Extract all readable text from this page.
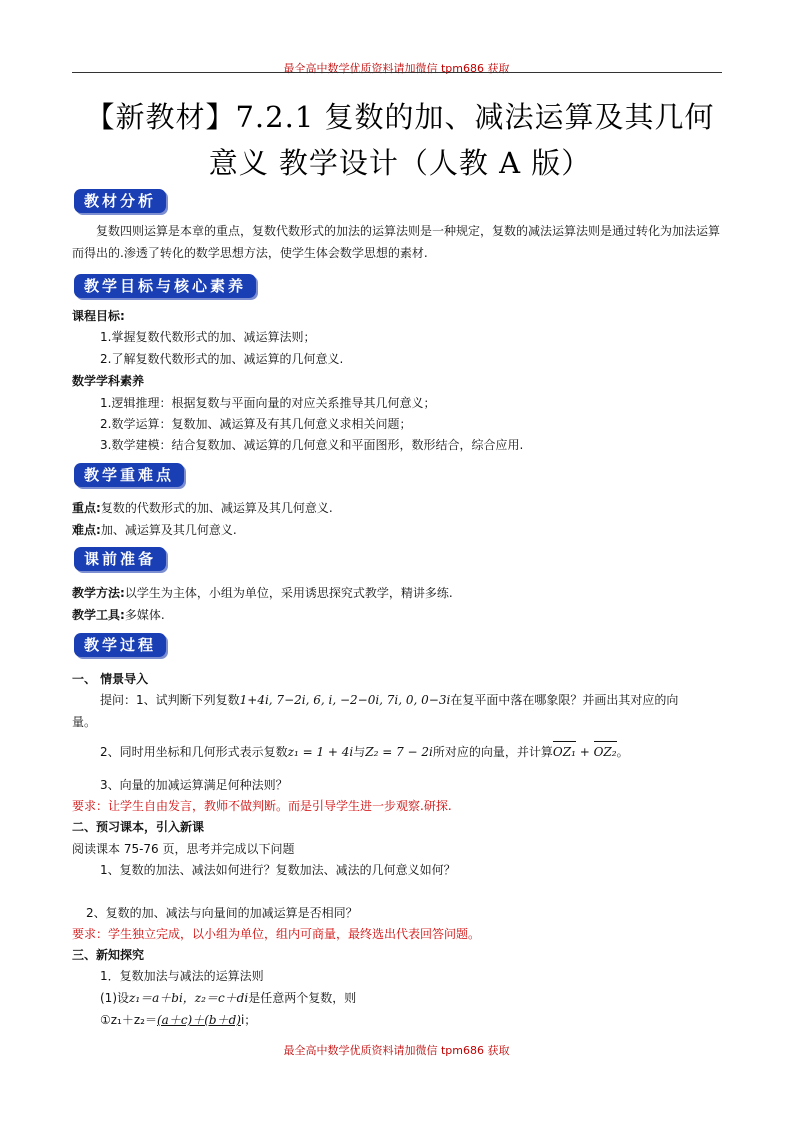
最全高中数学优质资料请加微信 tpm686 获取
【新教材】7.2.1 复数的加、减法运算及其几何
意义 教学设计（人教 A 版）
教材分析
复数四则运算是本章的重点，复数代数形式的加法的运算法则是一种规定，复数的减法运算法则是通过转化为加法运算而得出的.渗透了转化的数学思想方法，使学生体会数学思想的素材.
教学目标与核心素养
课程目标:
1.掌握复数代数形式的加、减运算法则；
2.了解复数代数形式的加、减运算的几何意义.
数学学科素养
1.逻辑推理：根据复数与平面向量的对应关系推导其几何意义；
2.数学运算：复数加、减运算及有其几何意义求相关问题；
3.数学建模：结合复数加、减运算的几何意义和平面图形，数形结合，综合应用.
教学重难点
重点:复数的代数形式的加、减运算及其几何意义.
难点:加、减运算及其几何意义.
课前准备
教学方法:以学生为主体，小组为单位，采用诱思探究式教学，精讲多练.
教学工具:多媒体.
教学过程
一、 情景导入
提问：1、试判断下列复数1+4i, 7−2i, 6, i, −2−0i, 7i, 0, 0−3i在复平面中落在哪象限？并画出其对应的向
量。
2、同时用坐标和几何形式表示复数z₁ = 1 + 4i与Z₂ = 7 − 2i所对应的向量，并计算OZ₁ + OZ₂。
3、向量的加减运算满足何种法则？
要求：让学生自由发言，教师不做判断。而是引导学生进一步观察.研探.
二、预习课本，引入新课
阅读课本 75-76 页，思考并完成以下问题
1、复数的加法、减法如何进行？复数加法、减法的几何意义如何？
2、复数的加、减法与向量间的加减运算是否相同？
要求：学生独立完成，以小组为单位，组内可商量，最终选出代表回答问题。
三、新知探究
1．复数加法与减法的运算法则
(1)设z₁＝a＋bi，z₂＝c＋di是任意两个复数，则
①z₁＋z₂＝(a＋c)＋(b＋d)i；
最全高中数学优质资料请加微信 tpm686 获取
